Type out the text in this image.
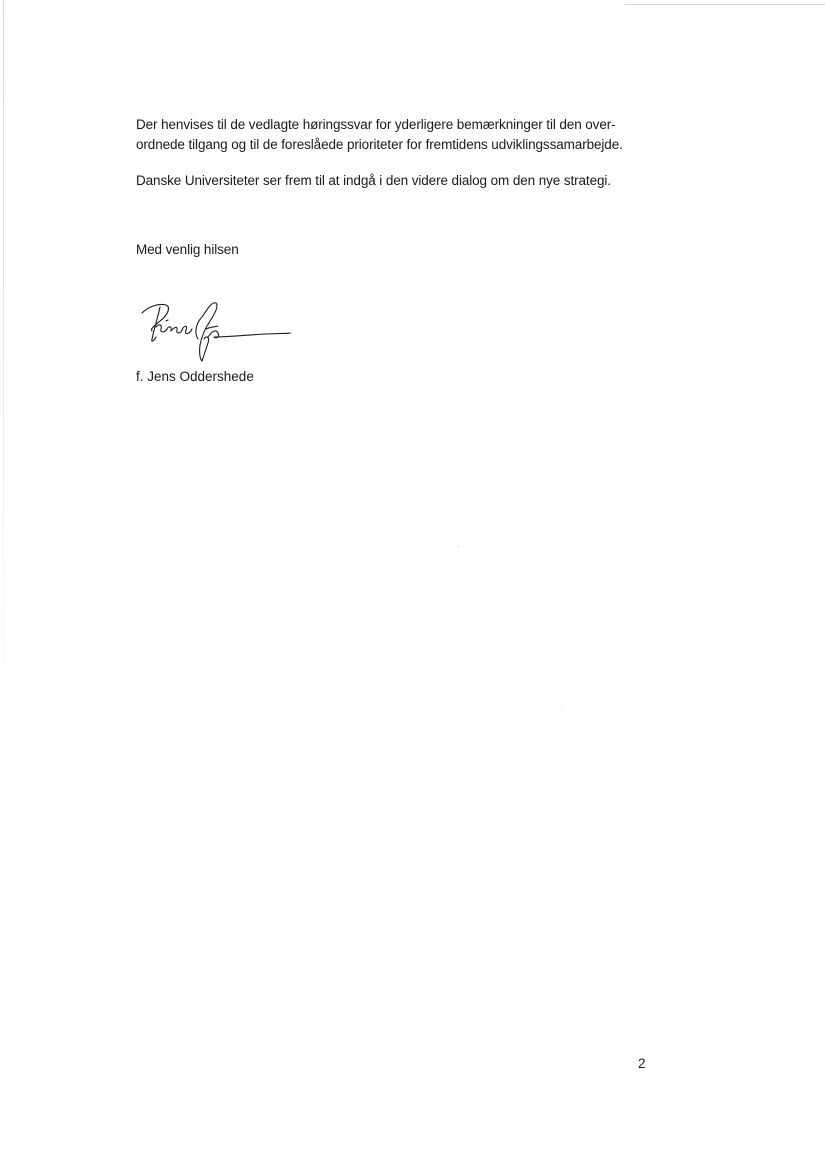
Der henvises til de vedlagte høringssvar for yderligere bemærkninger til den over-
ordnede tilgang og til de foreslåede prioriteter for fremtidens udviklingssamarbejde.

Danske Universiteter ser frem til at indgå i den videre dialog om den nye strategi.

Med venlig hilsen

f. Jens Oddershede
2
